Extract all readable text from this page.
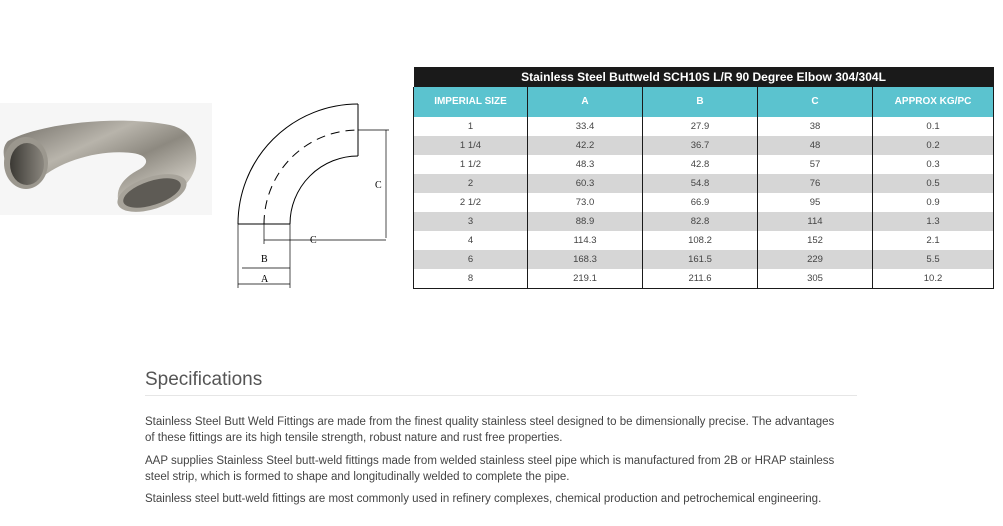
C
C
B
A
Stainless Steel Buttweld SCH10S L/R 90 Degree Elbow 304/304L				
IMPERIAL SIZE	A	B	C	APPROX KG/PC
1	33.4	27.9	38	0.1
1 1/4	42.2	36.7	48	0.2
1 1/2	48.3	42.8	57	0.3
2	60.3	54.8	76	0.5
2 1/2	73.0	66.9	95	0.9
3	88.9	82.8	114	1.3
4	114.3	108.2	152	2.1
6	168.3	161.5	229	5.5
8	219.1	211.6	305	10.2
Specifications

Stainless Steel Butt Weld Fittings are made from the finest quality stainless steel designed to be dimensionally precise. The advantages of these fittings are its high tensile strength, robust nature and rust free properties.

AAP supplies Stainless Steel butt-weld fittings made from welded stainless steel pipe which is manufactured from 2B or HRAP stainless steel strip, which is formed to shape and longitudinally welded to complete the pipe.

Stainless steel butt-weld fittings are most commonly used in refinery complexes, chemical production and petrochemical engineering.
